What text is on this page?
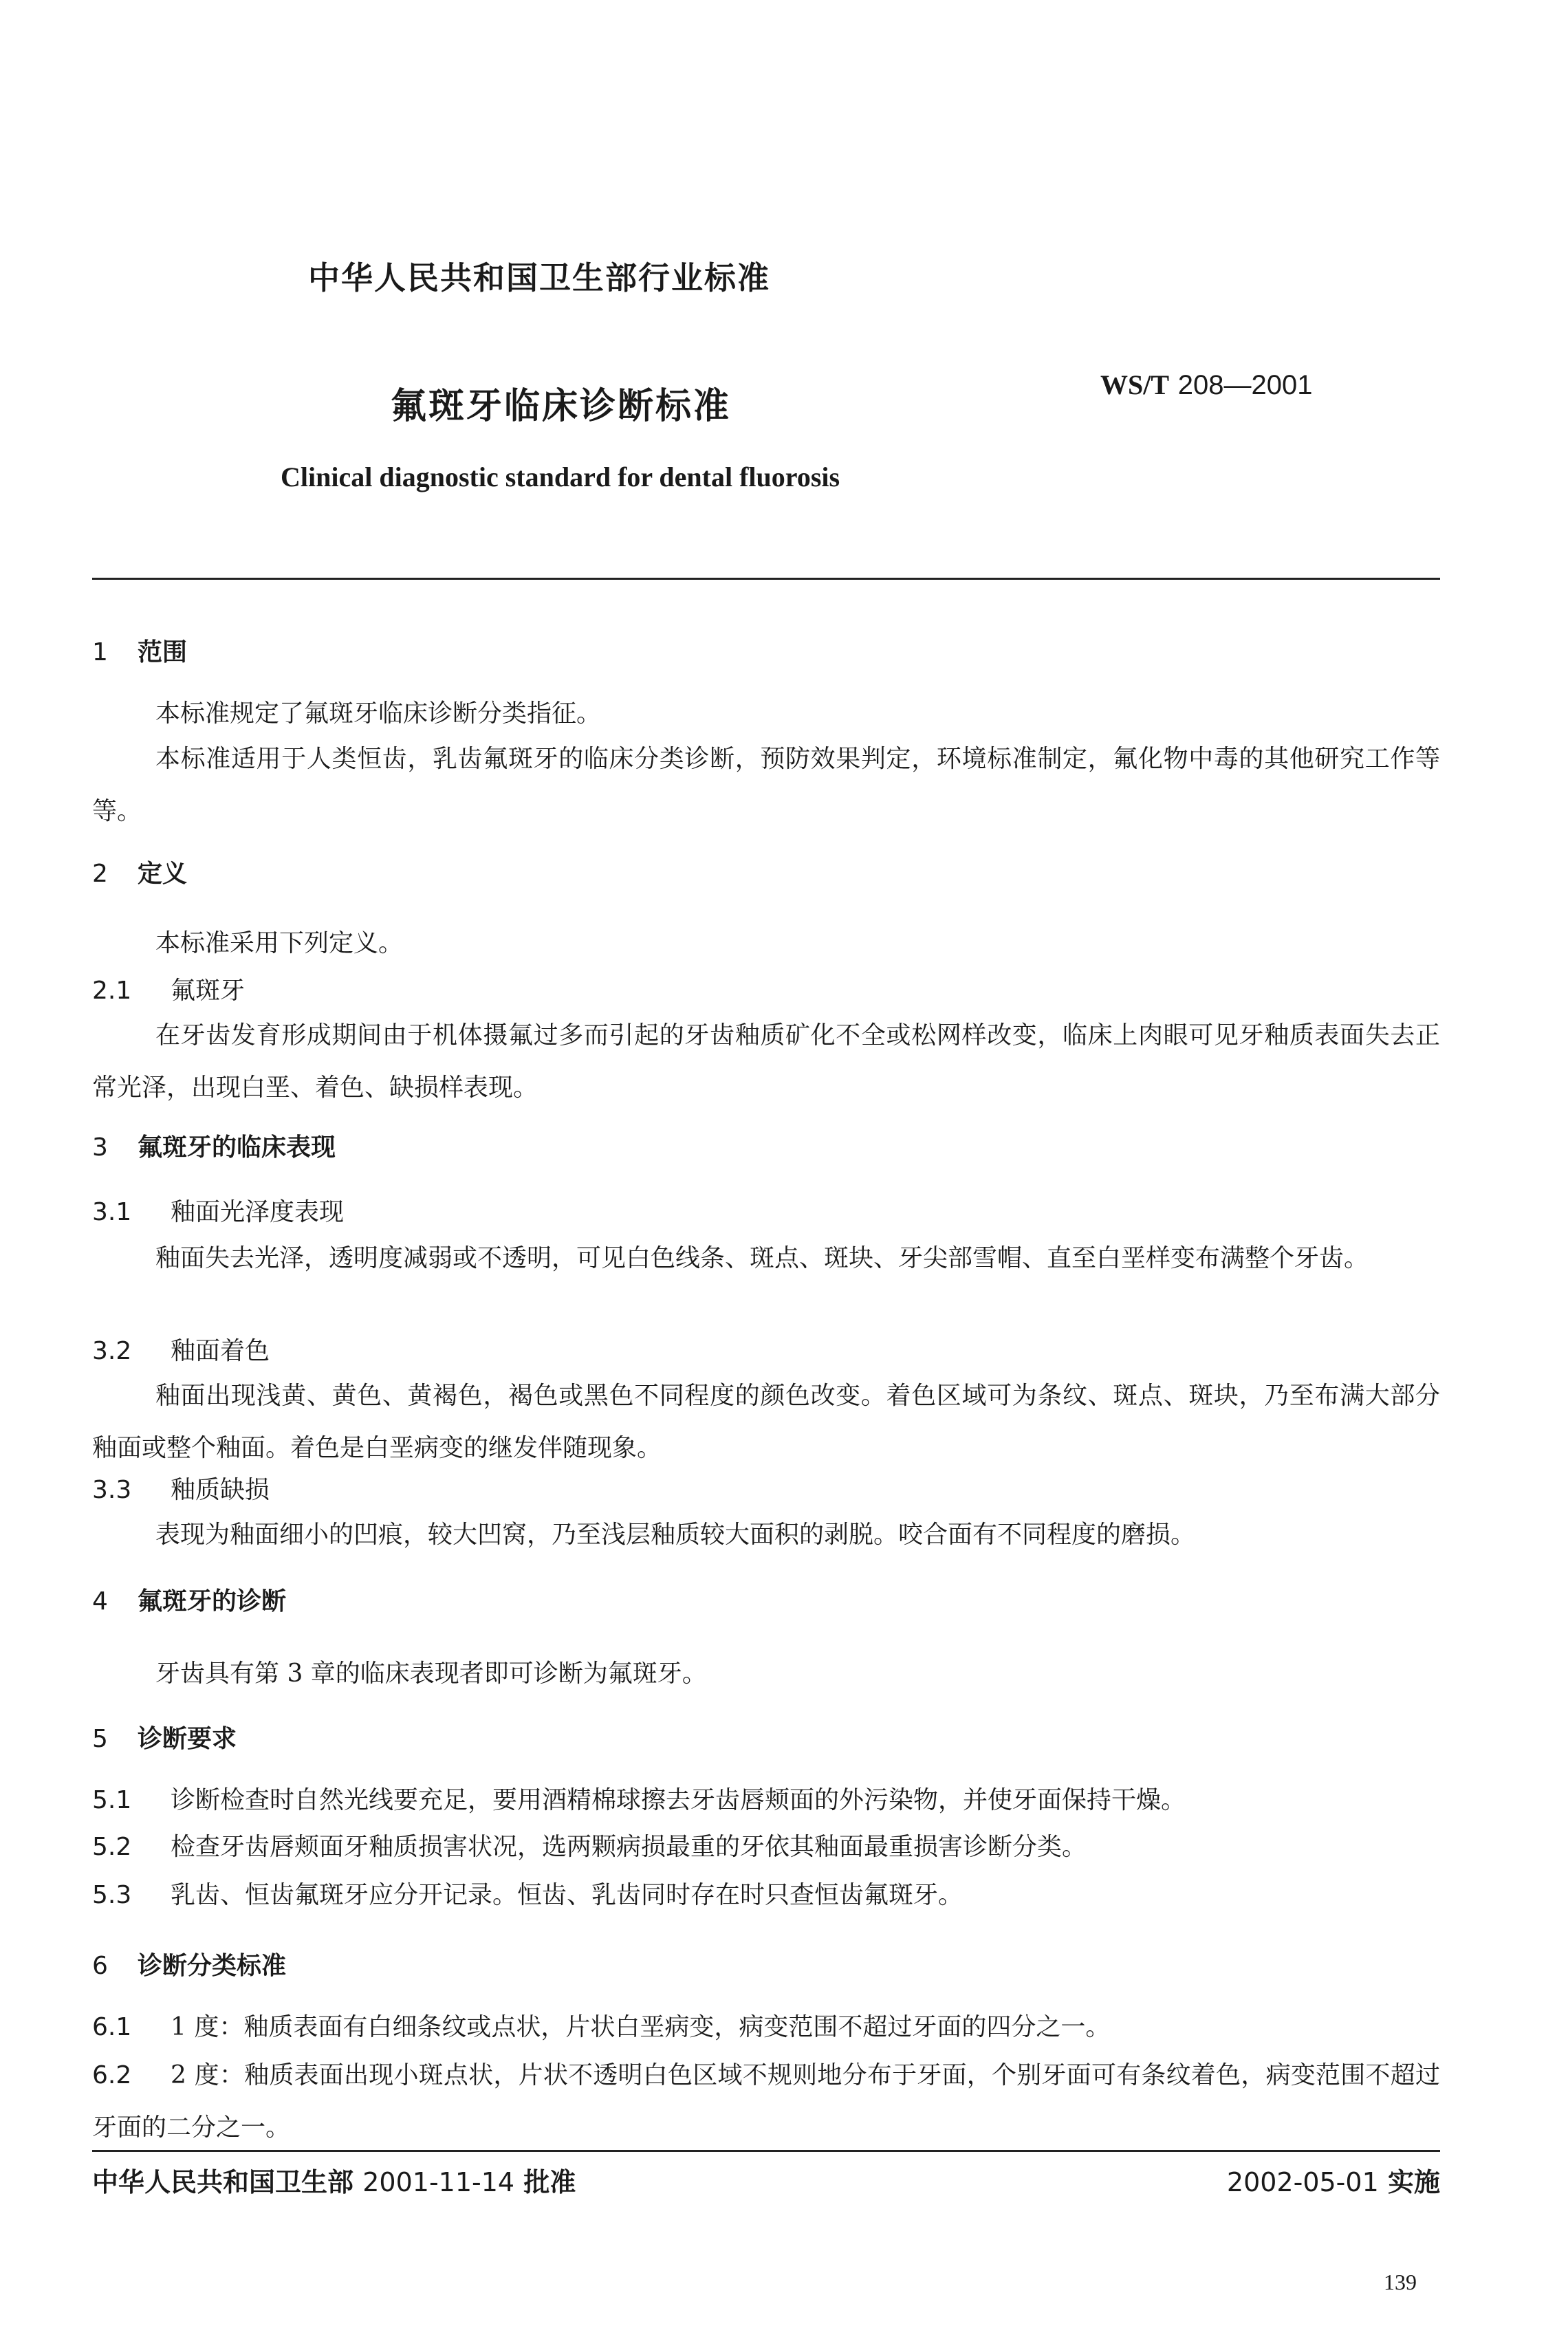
中华人民共和国卫生部行业标准
氟斑牙临床诊断标准
WS/T 208—2001
Clinical diagnostic standard for dental fluorosis
1 范围
本标准规定了氟斑牙临床诊断分类指征。
本标准适用于人类恒齿，乳齿氟斑牙的临床分类诊断，预防效果判定，环境标准制定，氟化物中毒的其他研究工作等等。
2 定义
本标准采用下列定义。
2.1 氟斑牙
在牙齿发育形成期间由于机体摄氟过多而引起的牙齿釉质矿化不全或松网样改变，临床上肉眼可见牙釉质表面失去正常光泽，出现白垩、着色、缺损样表现。
3 氟斑牙的临床表现
3.1 釉面光泽度表现
釉面失去光泽，透明度减弱或不透明，可见白色线条、斑点、斑块、牙尖部雪帽、直至白垩样变布满整个牙齿。
3.2 釉面着色
釉面出现浅黄、黄色、黄褐色，褐色或黑色不同程度的颜色改变。着色区域可为条纹、斑点、斑块，乃至布满大部分釉面或整个釉面。着色是白垩病变的继发伴随现象。
3.3 釉质缺损
表现为釉面细小的凹痕，较大凹窝，乃至浅层釉质较大面积的剥脱。咬合面有不同程度的磨损。
4 氟斑牙的诊断
牙齿具有第 3 章的临床表现者即可诊断为氟斑牙。
5 诊断要求
5.1 诊断检查时自然光线要充足，要用酒精棉球擦去牙齿唇颊面的外污染物，并使牙面保持干燥。
5.2 检查牙齿唇颊面牙釉质损害状况，选两颗病损最重的牙依其釉面最重损害诊断分类。
5.3 乳齿、恒齿氟斑牙应分开记录。恒齿、乳齿同时存在时只查恒齿氟斑牙。
6 诊断分类标准
6.1 1 度：釉质表面有白细条纹或点状，片状白垩病变，病变范围不超过牙面的四分之一。
6.2 2 度：釉质表面出现小斑点状，片状不透明白色区域不规则地分布于牙面，个别牙面可有条纹着色，病变范围不超过牙面的二分之一。
中华人民共和国卫生部 2001-11-14 批准	2002-05-01 实施
139
